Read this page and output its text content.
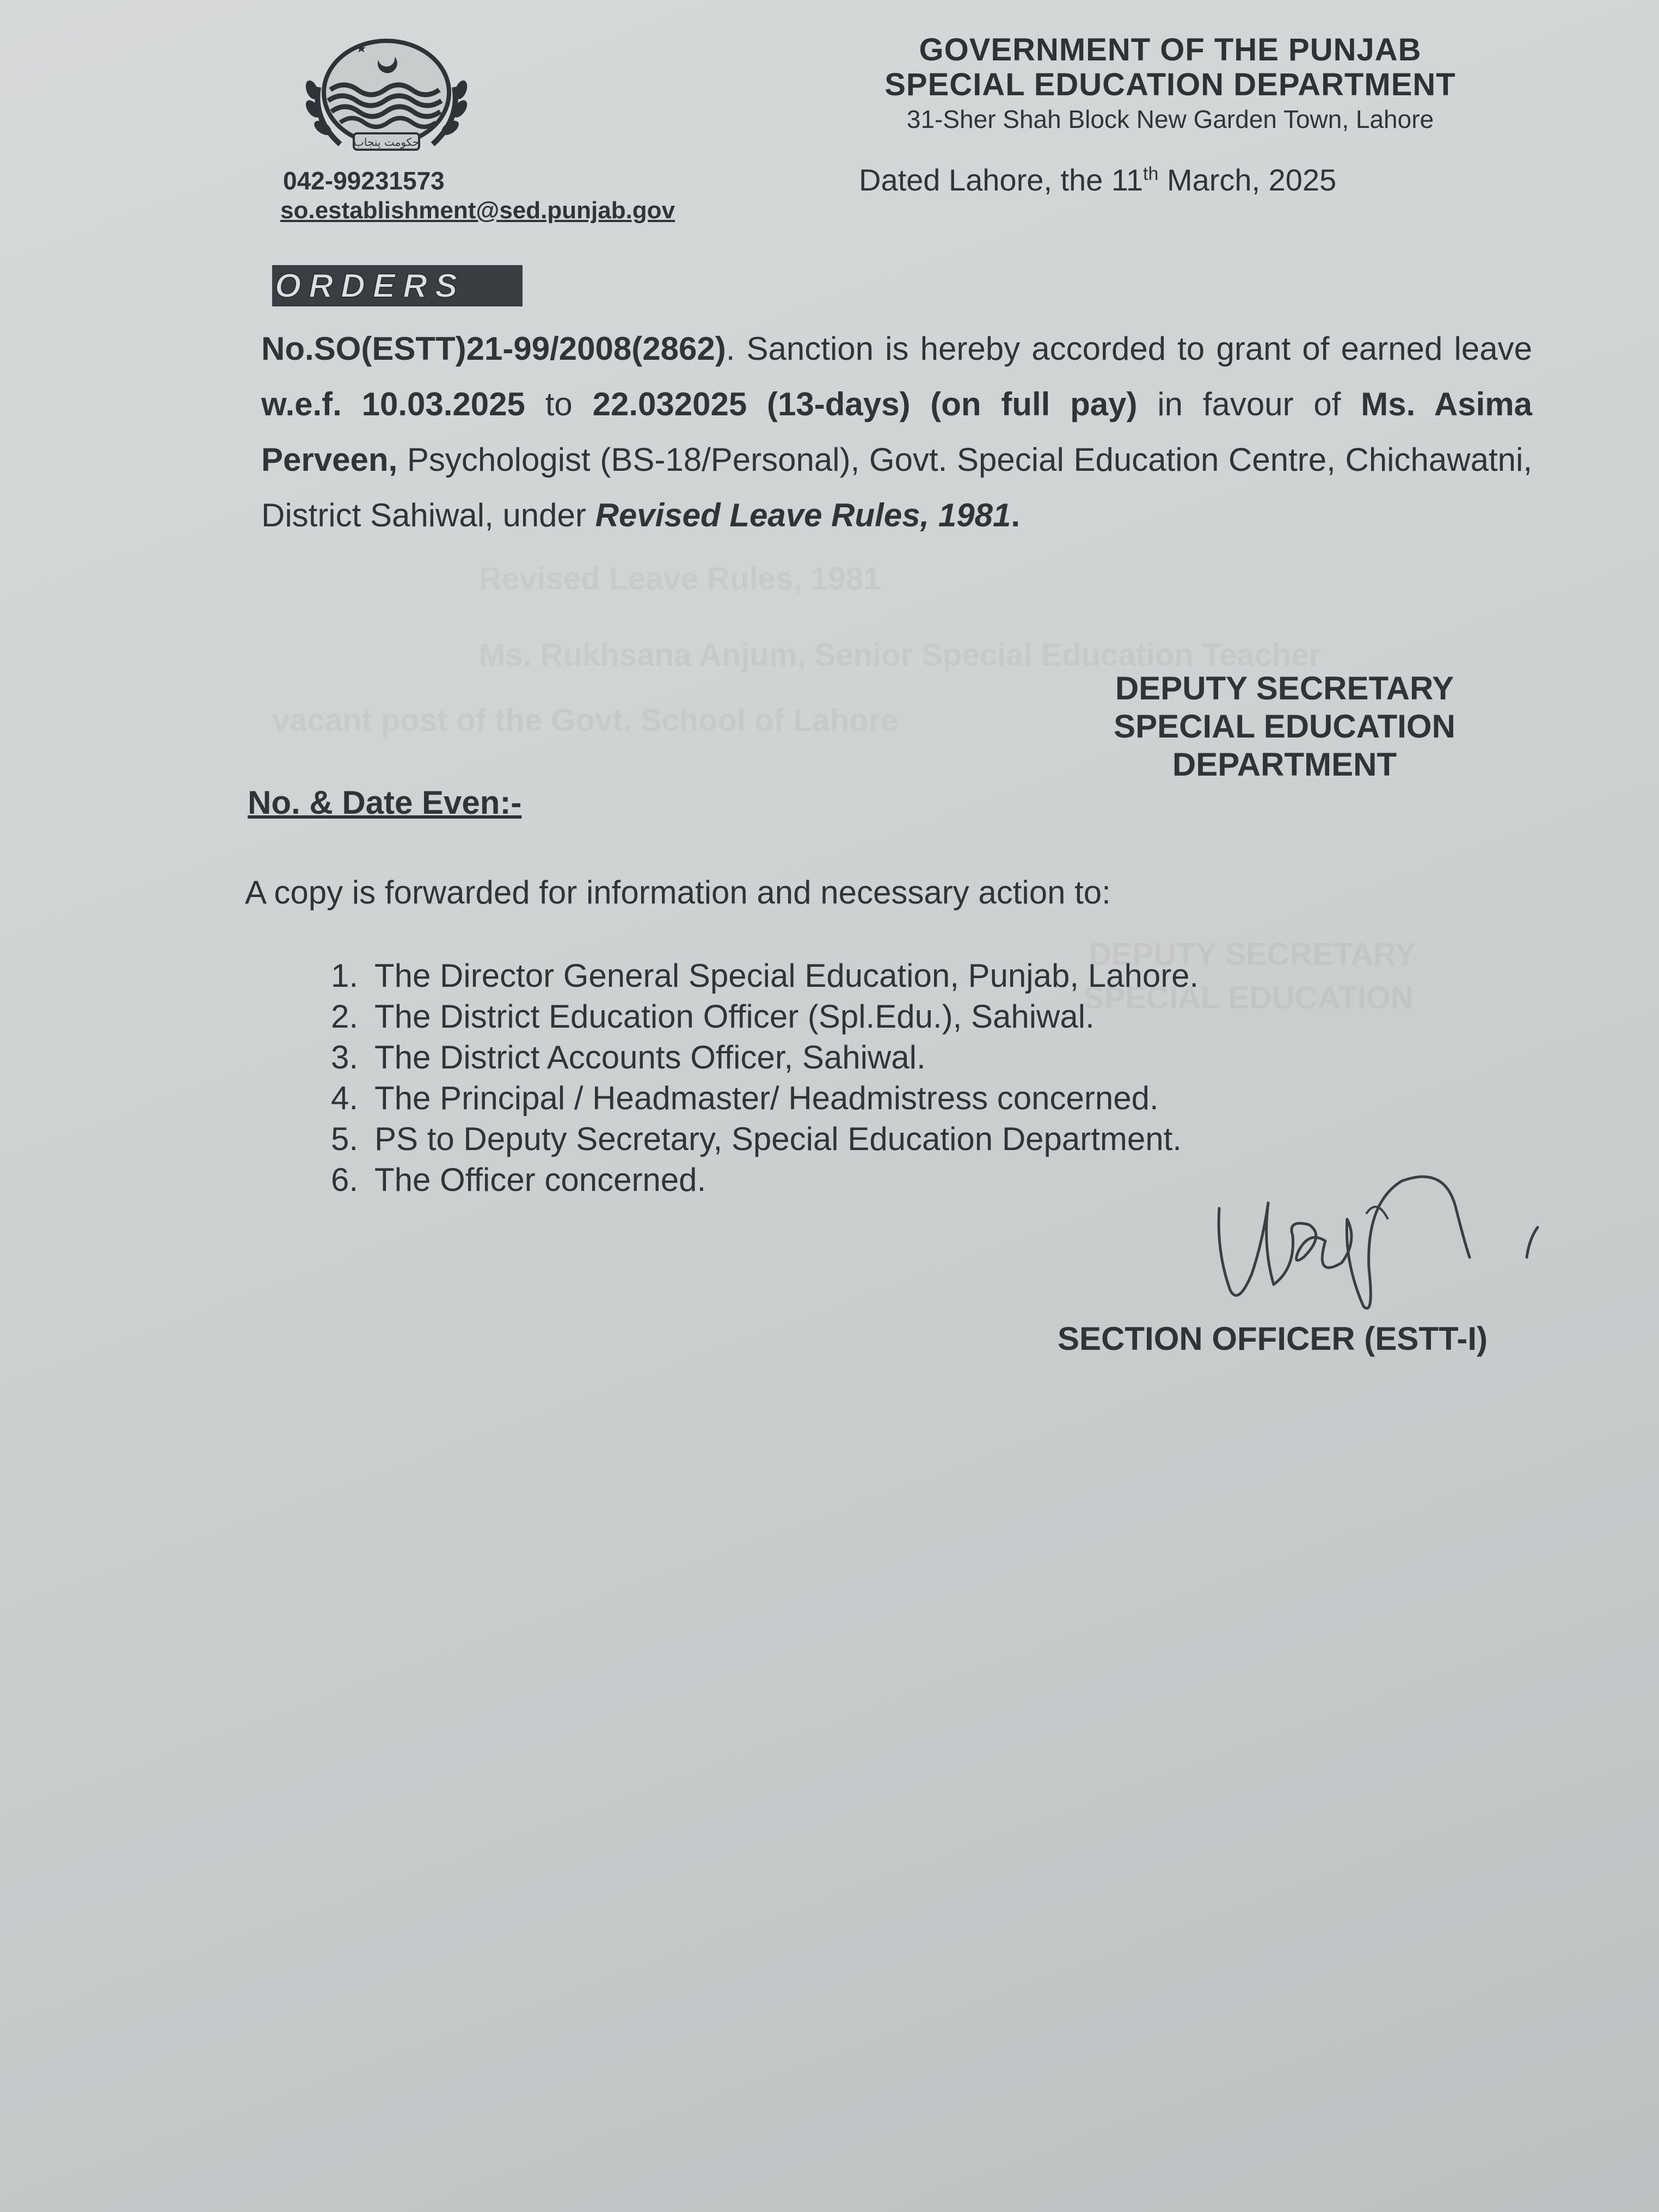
Revised Leave Rules, 1981
Ms. Rukhsana Anjum, Senior Special Education Teacher
vacant post of the Govt. School of Lahore
DEPUTY SECRETARY
SPECIAL EDUCATION
حکومت پنجاب
GOVERNMENT OF THE PUNJAB
SPECIAL EDUCATION DEPARTMENT
31-Sher Shah Block New Garden Town, Lahore
042-99231573
so.establishment@sed.punjab.gov
Dated Lahore, the 11th March, 2025
ORDERS
No.SO(ESTT)21-99/2008(2862). Sanction is hereby accorded to grant of earned leave w.e.f. 10.03.2025 to 22.032025 (13-days) (on full pay) in favour of Ms. Asima Perveen, Psychologist (BS-18/Personal), Govt. Special Education Centre, Chichawatni, District Sahiwal, under Revised Leave Rules, 1981.
DEPUTY SECRETARY
SPECIAL EDUCATION
DEPARTMENT
No. & Date Even:-
A copy is forwarded for information and necessary action to:
1. The Director General Special Education, Punjab, Lahore.
2. The District Education Officer (Spl.Edu.), Sahiwal.
3. The District Accounts Officer, Sahiwal.
4. The Principal / Headmaster/ Headmistress concerned.
5. PS to Deputy Secretary, Special Education Department.
6. The Officer concerned.
SECTION OFFICER (ESTT-I)
